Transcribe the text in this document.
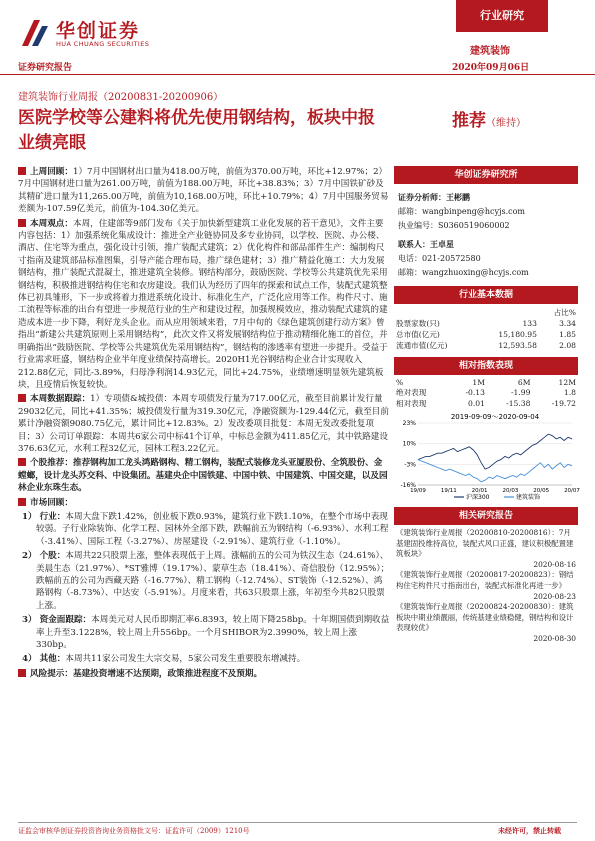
华创证券
HUA CHUANG SECURITIES
证券研究报告
行业研究
建筑装饰
2020年09月06日
建筑装饰行业周报（20200831-20200906）
医院学校等公建料将优先使用钢结构，板块中报业绩亮眼
推荐（维持）

上周回顾：1）7月中国钢材出口量为418.00万吨，前值为370.00万吨，环比+12.97%；2）7月中国钢材进口量为261.00万吨，前值为188.00万吨，环比+38.83%；3）7月中国铁矿砂及其精矿进口量为11,265.00万吨，前值为10,168.00万吨，环比+10.79%；4）7月中国服务贸易差额为-107.59亿美元，前值为-104.30亿美元。

本周观点：本周，住建部等9部门发布《关于加快新型建筑工业化发展的若干意见》，文件主要内容包括：1）加强系统化集成设计：推进全产业链协同及多专业协同，以学校、医院、办公楼、酒店、住宅等为重点，强化设计引领，推广装配式建筑；2）优化构件和部品部件生产：编制构尺寸指南及建筑部品标准图集，引导产能合理布局，推广绿色建材；3）推广精益化施工：大力发展钢结构，推广装配式混凝土，推进建筑全装修。钢结构部分，鼓励医院、学校等公共建筑优先采用钢结构，积极推进钢结构住宅和农房建设。我们认为经历了四年的探索和试点工作，装配式建筑整体已初具雏形，下一步或将着力推进系统化设计、标准化生产，广泛化应用等工作。构件尺寸、施工流程等标准的出台有望进一步规范行业的生产和建设过程，加强规模效应，推动装配式建筑的建造成本进一步下降，利好龙头企业。而从应用领域来看，7月中旬的《绿色建筑创建行动方案》曾指出“新建公共建筑原则上采用钢结构”，此次文件又将发展钢结构位于推动精细化施工的首位，并明确指出“鼓励医院、学校等公共建筑优先采用钢结构”，钢结构的渗透率有望进一步提升。受益于行业需求旺盛，钢结构企业半年度业绩保持高增长。2020H1光谷钢结构企业合计实现收入212.88亿元，同比-3.89%，归母净利润14.93亿元，同比+24.75%，业绩增速明显领先建筑板块，且疫情后恢复较快。

本周数据跟踪：1）专项债&城投债：本周专项债发行量为717.00亿元，截至目前累计发行量29032亿元，同比+41.35%；城投债发行量为319.30亿元，净融资额为-129.44亿元，截至目前累计净融资额9080.75亿元，累计同比+12.83%。2）发改委项目批复：本周无发改委批复项目；3）公司订单跟踪：本周共6家公司中标41个订单，中标总金额为411.85亿元，其中铁路建设376.63亿元，水利工程32亿元，园林工程3.22亿元。

个股推荐：推荐钢构加工龙头鸿路钢构、精工钢构，装配式装修龙头亚厦股份、全筑股份、金螳螂，设计龙头苏交科、中设集团。基建央企中国铁建、中国中铁、中国建筑、中国交建，以及园林企业东珠生态。

市场回顾：

1） 行业：本周大盘下跌1.42%，创业板下跌0.93%，建筑行业下跌1.10%，在整个市场中表现较弱。子行业除装饰、化学工程、园林外全部下跌，跌幅前五为钢结构（-6.93%）、水利工程（-3.41%）、国际工程（-3.27%）、房屋建设（-2.91%）、建筑行业（-1.10%）。

2） 个股：本周共22只股票上涨，整体表现低于上周。涨幅前五的公司为铁汉生态（24.61%）、美晨生态（21.97%）、*ST雅博（19.17%）、蒙草生态（18.41%）、奇信股份（12.95%）；跌幅前五的公司为西藏天路（-16.77%）、精工钢构（-12.74%）、ST装饰（-12.52%）、鸿路钢构（-8.73%）、中达安（-5.91%）。月度来看，共63只股票上涨，年初至今共82只股票上涨。

3） 资金面跟踪：本周美元对人民币即期汇率6.8393，较上周下降258bp。十年期国债到期收益率上升至3.1228%，较上周上升556bp。一个月SHIBOR为2.3990%，较上周上涨330bp。

4） 其他：本周共11家公司发生大宗交易，5家公司发生重要股东增减持。

风险提示：基建投资增速不达预期，政策推进程度不及预期。

华创证券研究所
证券分析师：王彬鹏
邮箱：wangbinpeng@hcyjs.com
执业编号：S0360519060002
联系人：王卓星
电话：021-20572580
邮箱：wangzhuoxing@hcyjs.com
行业基本数据
		占比%
股票家数(只)	133	3.34
总市值(亿元)	15,180.95	1.85
流通市值(亿元)	12,593.58	2.08
相对指数表现
%	1M	6M	12M
绝对表现	-0.13	-1.99	1.8
相对表现	0.01	-15.38	-19.72
2019-09-09～2020-09-04
23%
10%
-3%
-16%
19/09	19/11	20/01	20/03	20/05	20/07
沪深300	建筑装饰
相关研究报告
《建筑装饰行业周报（20200810-20200816）：7月基建固投维持高位，装配式风口正盛，建议积极配置建筑板块》
2020-08-16
《建筑装饰行业周报（20200817-20200823）：钢结构住宅构件尺寸指南出台，装配式标准化再进一步》
2020-08-23
《建筑装饰行业周报（20200824-20200830）：建筑板块中期业绩靓丽，传统基建业绩稳健，钢结构和设计表现较优》
2020-08-30
证监会审核华创证券投资咨询业务资格批文号：证监许可（2009）1210号	未经许可，禁止转载
